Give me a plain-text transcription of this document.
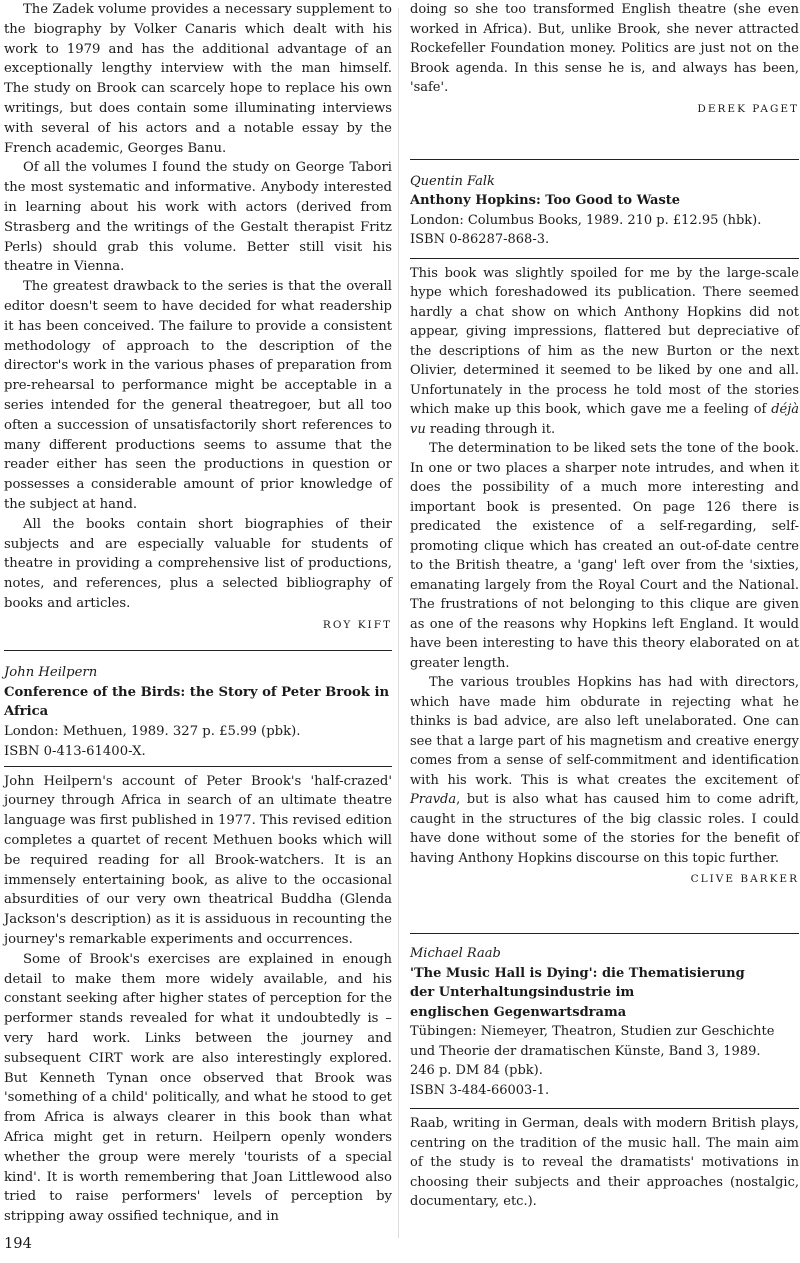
The Zadek volume provides a necessary supplement to the biography by Volker Canaris which dealt with his work to 1979 and has the additional advantage of an exceptionally lengthy interview with the man himself. The study on Brook can scarcely hope to replace his own writings, but does contain some illuminating interviews with several of his actors and a notable essay by the French academic, Georges Banu.

Of all the volumes I found the study on George Tabori the most systematic and informative. Anybody interested in learning about his work with actors (derived from Strasberg and the writings of the Gestalt therapist Fritz Perls) should grab this volume. Better still visit his theatre in Vienna.

The greatest drawback to the series is that the overall editor doesn't seem to have decided for what readership it has been conceived. The failure to provide a consistent methodology of approach to the description of the director's work in the various phases of preparation from pre-rehearsal to performance might be acceptable in a series intended for the general theatregoer, but all too often a succession of unsatisfactorily short references to many different productions seems to assume that the reader either has seen the productions in question or possesses a considerable amount of prior knowledge of the subject at hand.

All the books contain short biographies of their subjects and are especially valuable for students of theatre in providing a comprehensive list of productions, notes, and references, plus a selected bibliography of books and articles.

ROY KIFT
John Heilpern
Conference of the Birds: the Story of Peter Brook in Africa
London: Methuen, 1989. 327 p. £5.99 (pbk).
ISBN 0-413-61400-X.

John Heilpern's account of Peter Brook's 'half-crazed' journey through Africa in search of an ultimate theatre language was first published in 1977. This revised edition completes a quartet of recent Methuen books which will be required reading for all Brook-watchers. It is an immensely entertaining book, as alive to the occasional absurdities of our very own theatrical Buddha (Glenda Jackson's description) as it is assiduous in recounting the journey's remarkable experiments and occurrences.

Some of Brook's exercises are explained in enough detail to make them more widely available, and his constant seeking after higher states of perception for the performer stands revealed for what it undoubtedly is – very hard work. Links between the journey and subsequent CIRT work are also interestingly explored. But Kenneth Tynan once observed that Brook was 'something of a child' politically, and what he stood to get from Africa is always clearer in this book than what Africa might get in return. Heilpern openly wonders whether the group were merely 'tourists of a special kind'. It is worth remembering that Joan Littlewood also tried to raise performers' levels of perception by stripping away ossified technique, and in

doing so she too transformed English theatre (she even worked in Africa). But, unlike Brook, she never attracted Rockefeller Foundation money. Politics are just not on the Brook agenda. In this sense he is, and always has been, 'safe'.

DEREK PAGET
Quentin Falk
Anthony Hopkins: Too Good to Waste
London: Columbus Books, 1989. 210 p. £12.95 (hbk).
ISBN 0-86287-868-3.

This book was slightly spoiled for me by the large-scale hype which foreshadowed its publication. There seemed hardly a chat show on which Anthony Hopkins did not appear, giving impressions, flattered but depreciative of the descriptions of him as the new Burton or the next Olivier, determined it seemed to be liked by one and all. Unfortunately in the process he told most of the stories which make up this book, which gave me a feeling of déjà vu reading through it.

The determination to be liked sets the tone of the book. In one or two places a sharper note intrudes, and when it does the possibility of a much more interesting and important book is presented. On page 126 there is predicated the existence of a self-regarding, self-promoting clique which has created an out-of-date centre to the British theatre, a 'gang' left over from the 'sixties, emanating largely from the Royal Court and the National. The frustrations of not belonging to this clique are given as one of the reasons why Hopkins left England. It would have been interesting to have this theory elaborated on at greater length.

The various troubles Hopkins has had with directors, which have made him obdurate in rejecting what he thinks is bad advice, are also left unelaborated. One can see that a large part of his magnetism and creative energy comes from a sense of self-commitment and identification with his work. This is what creates the excitement of Pravda, but is also what has caused him to come adrift, caught in the structures of the big classic roles. I could have done without some of the stories for the benefit of having Anthony Hopkins discourse on this topic further.

CLIVE BARKER
Michael Raab
'The Music Hall is Dying': die Thematisierung
der Unterhaltungsindustrie im
englischen Gegenwartsdrama
Tübingen: Niemeyer, Theatron, Studien zur Geschichte
und Theorie der dramatischen Künste, Band 3, 1989.
246 p. DM 84 (pbk).
ISBN 3-484-66003-1.

Raab, writing in German, deals with modern British plays, centring on the tradition of the music hall. The main aim of the study is to reveal the dramatists' motivations in choosing their subjects and their approaches (nostalgic, documentary, etc.).

194
